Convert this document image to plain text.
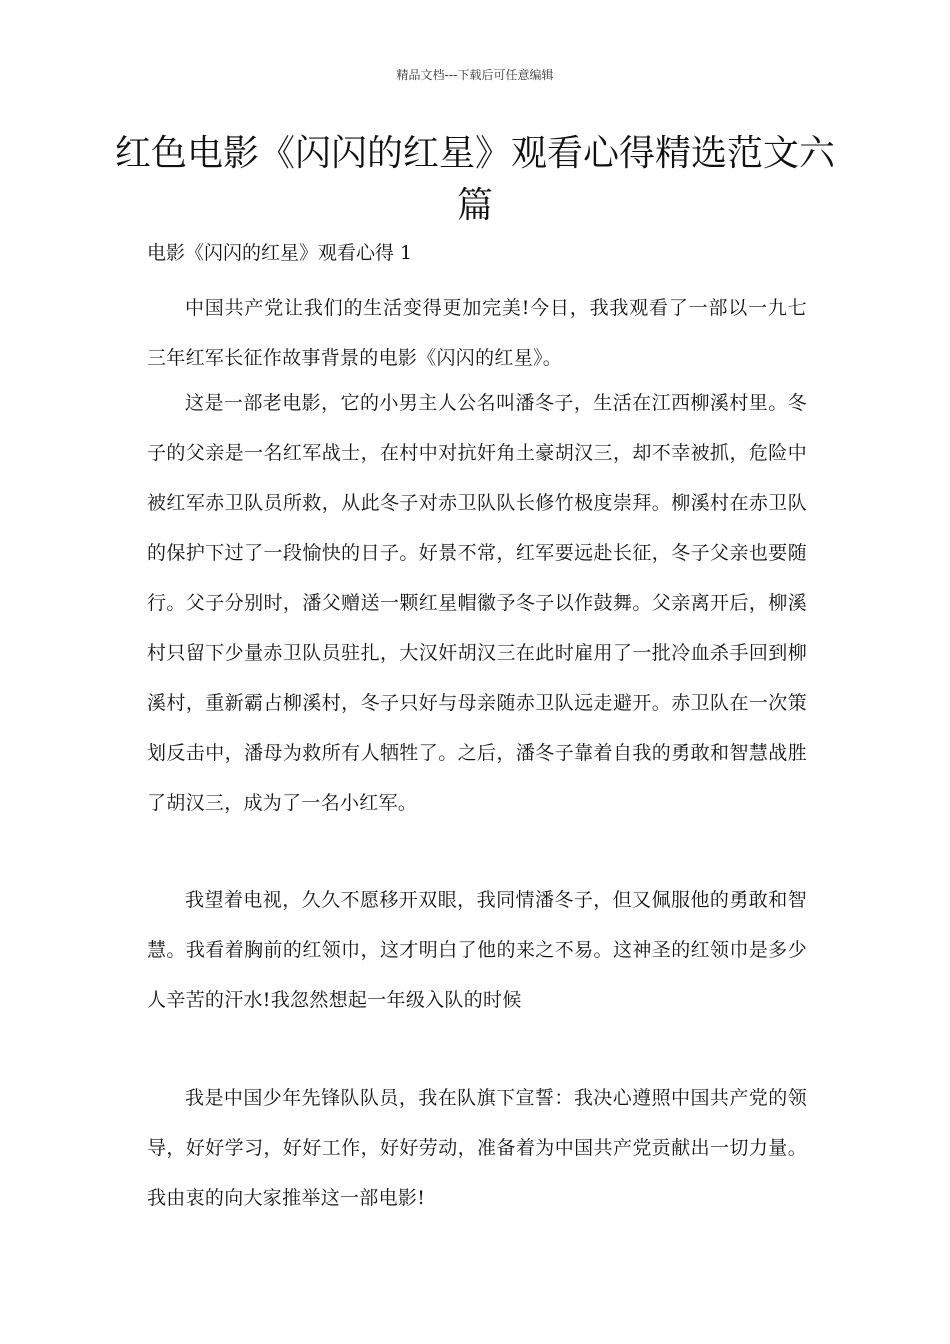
精品文档---下载后可任意编辑
红色电影《闪闪的红星》观看心得精选范文六篇
电影《闪闪的红星》观看心得 1

中国共产党让我们的生活变得更加完美!今日，我我观看了一部以一九七三年红军长征作故事背景的电影《闪闪的红星》。

这是一部老电影，它的小男主人公名叫潘冬子，生活在江西柳溪村里。冬子的父亲是一名红军战士，在村中对抗奸角土豪胡汉三，却不幸被抓，危险中被红军赤卫队员所救，从此冬子对赤卫队队长修竹极度崇拜。柳溪村在赤卫队的保护下过了一段愉快的日子。好景不常，红军要远赴长征，冬子父亲也要随行。父子分别时，潘父赠送一颗红星帽徽予冬子以作鼓舞。父亲离开后，柳溪村只留下少量赤卫队员驻扎，大汉奸胡汉三在此时雇用了一批冷血杀手回到柳溪村，重新霸占柳溪村，冬子只好与母亲随赤卫队远走避开。赤卫队在一次策划反击中，潘母为救所有人牺牲了。之后，潘冬子靠着自我的勇敢和智慧战胜了胡汉三，成为了一名小红军。

我望着电视，久久不愿移开双眼，我同情潘冬子，但又佩服他的勇敢和智慧。我看着胸前的红领巾，这才明白了他的来之不易。这神圣的红领巾是多少人辛苦的汗水!我忽然想起一年级入队的时候

我是中国少年先锋队队员，我在队旗下宣誓：我决心遵照中国共产党的领导，好好学习，好好工作，好好劳动，准备着为中国共产党贡献出一切力量。我由衷的向大家推举这一部电影!
